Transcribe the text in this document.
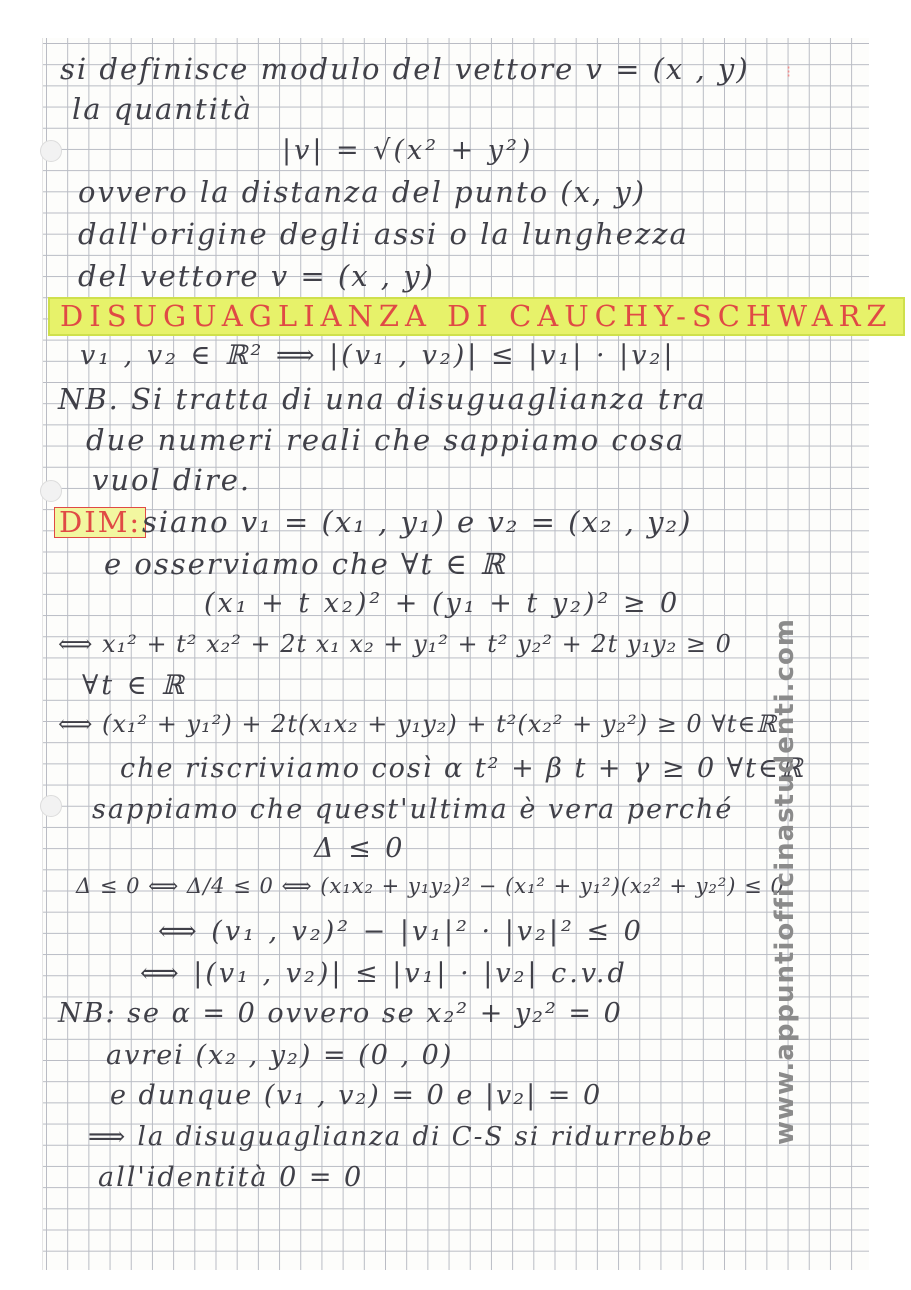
⁝
si definisce modulo del vettore v = (x , y)
la quantità
|v| = √(x² + y²)
ovvero la distanza del punto (x, y)
dall'origine degli assi o la lunghezza
del vettore v = (x , y)
DISUGUAGLIANZA DI CAUCHY-SCHWARZ
v₁ , v₂ ∈ ℝ² ⟹ |(v₁ , v₂)| ≤ |v₁| · |v₂|
NB. Si tratta di una disuguaglianza tra
due numeri reali che sappiamo cosa
vuol dire.
DIM: siano v₁ = (x₁ , y₁) e v₂ = (x₂ , y₂)
e osserviamo che ∀t ∈ ℝ
(x₁ + t x₂)² + (y₁ + t y₂)² ≥ 0
⟺ x₁² + t² x₂² + 2t x₁ x₂ + y₁² + t² y₂² + 2t y₁y₂ ≥ 0
∀t ∈ ℝ
⟺ (x₁² + y₁²) + 2t(x₁x₂ + y₁y₂) + t²(x₂² + y₂²) ≥ 0 ∀t∈ℝ
che riscriviamo così α t² + β t + γ ≥ 0 ∀t∈ℝ
sappiamo che quest'ultima è vera perché
Δ ≤ 0
Δ ≤ 0 ⟺ Δ/4 ≤ 0 ⟺ (x₁x₂ + y₁y₂)² − (x₁² + y₁²)(x₂² + y₂²) ≤ 0
⟺ (v₁ , v₂)² − |v₁|² · |v₂|² ≤ 0
⟺ |(v₁ , v₂)| ≤ |v₁| · |v₂| c.v.d
NB: se α = 0 ovvero se x₂² + y₂² = 0
avrei (x₂ , y₂) = (0 , 0)
e dunque (v₁ , v₂) = 0 e |v₂| = 0
⟹ la disuguaglianza di C-S si ridurrebbe
all'identità 0 = 0
www.appuntiofficinastudenti.com
